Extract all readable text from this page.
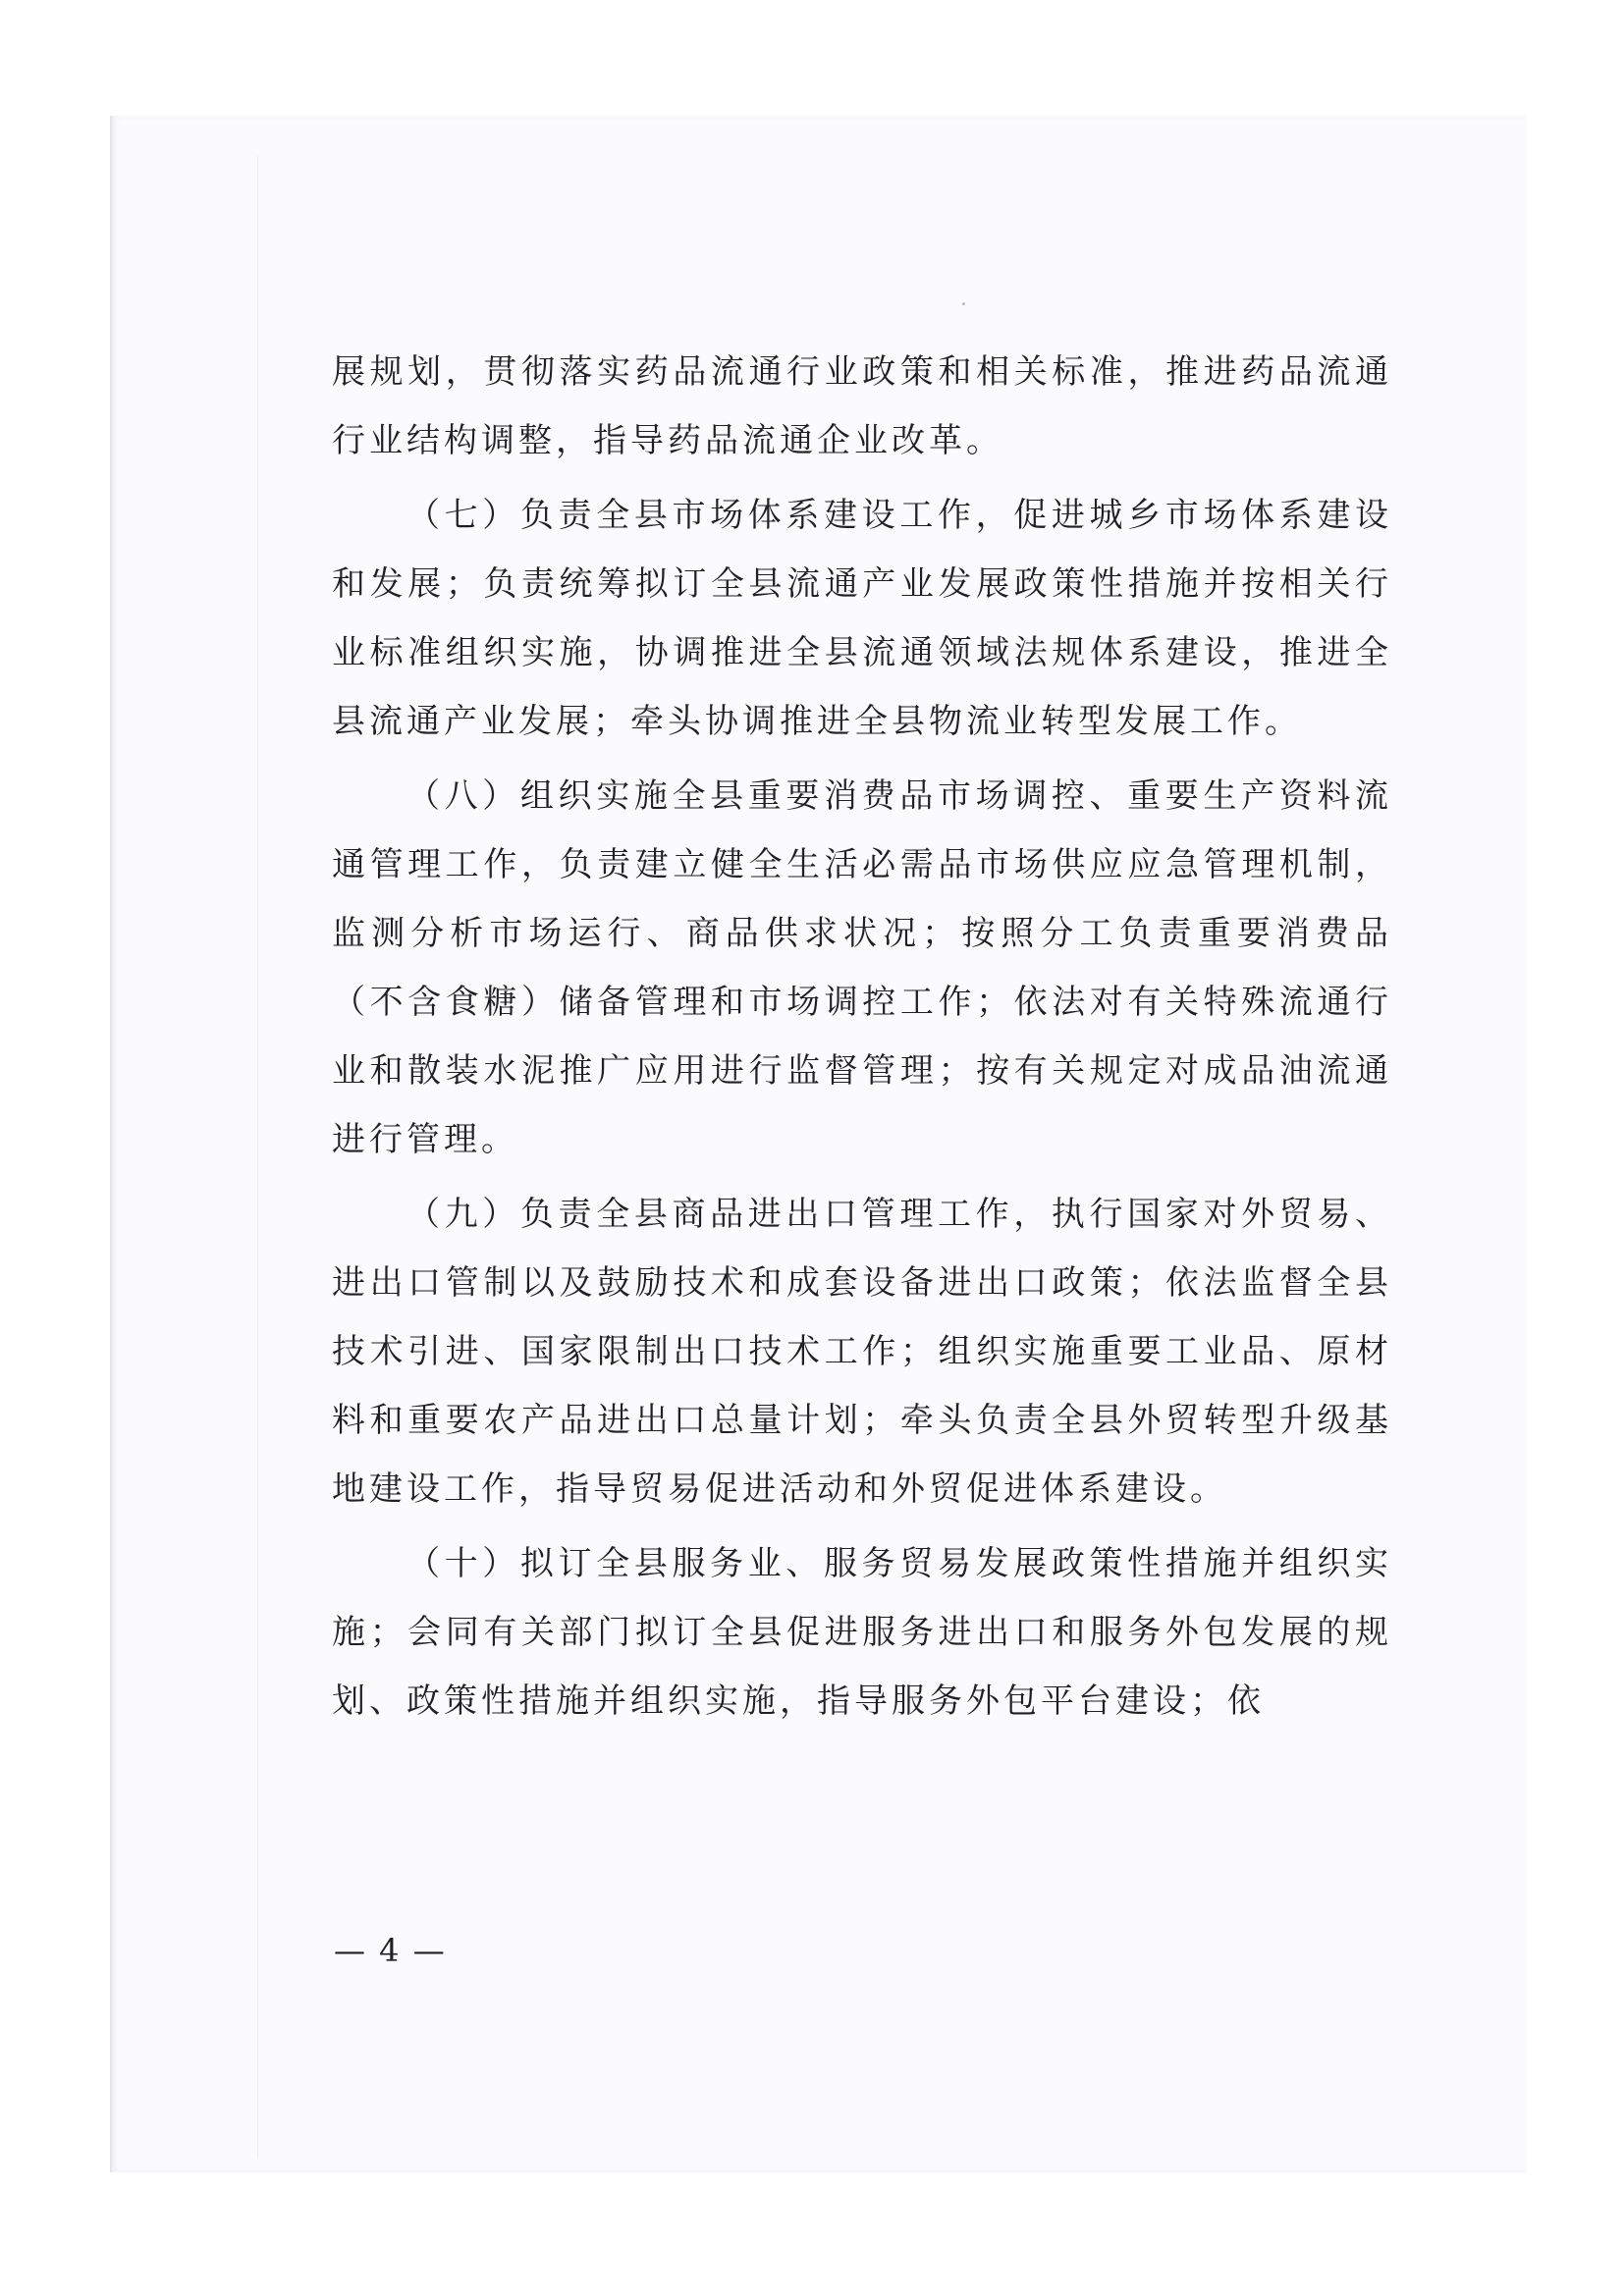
展规划，贯彻落实药品流通行业政策和相关标准，推进药品流通行业结构调整，指导药品流通企业改革。

（七）负责全县市场体系建设工作，促进城乡市场体系建设和发展；负责统筹拟订全县流通产业发展政策性措施并按相关行业标准组织实施，协调推进全县流通领域法规体系建设，推进全县流通产业发展；牵头协调推进全县物流业转型发展工作。

（八）组织实施全县重要消费品市场调控、重要生产资料流通管理工作，负责建立健全生活必需品市场供应应急管理机制，监测分析市场运行、商品供求状况；按照分工负责重要消费品（不含食糖）储备管理和市场调控工作；依法对有关特殊流通行业和散装水泥推广应用进行监督管理；按有关规定对成品油流通进行管理。

（九）负责全县商品进出口管理工作，执行国家对外贸易、进出口管制以及鼓励技术和成套设备进出口政策；依法监督全县技术引进、国家限制出口技术工作；组织实施重要工业品、原材料和重要农产品进出口总量计划；牵头负责全县外贸转型升级基地建设工作，指导贸易促进活动和外贸促进体系建设。

（十）拟订全县服务业、服务贸易发展政策性措施并组织实施；会同有关部门拟订全县促进服务进出口和服务外包发展的规划、政策性措施并组织实施，指导服务外包平台建设；依

— 4 —
